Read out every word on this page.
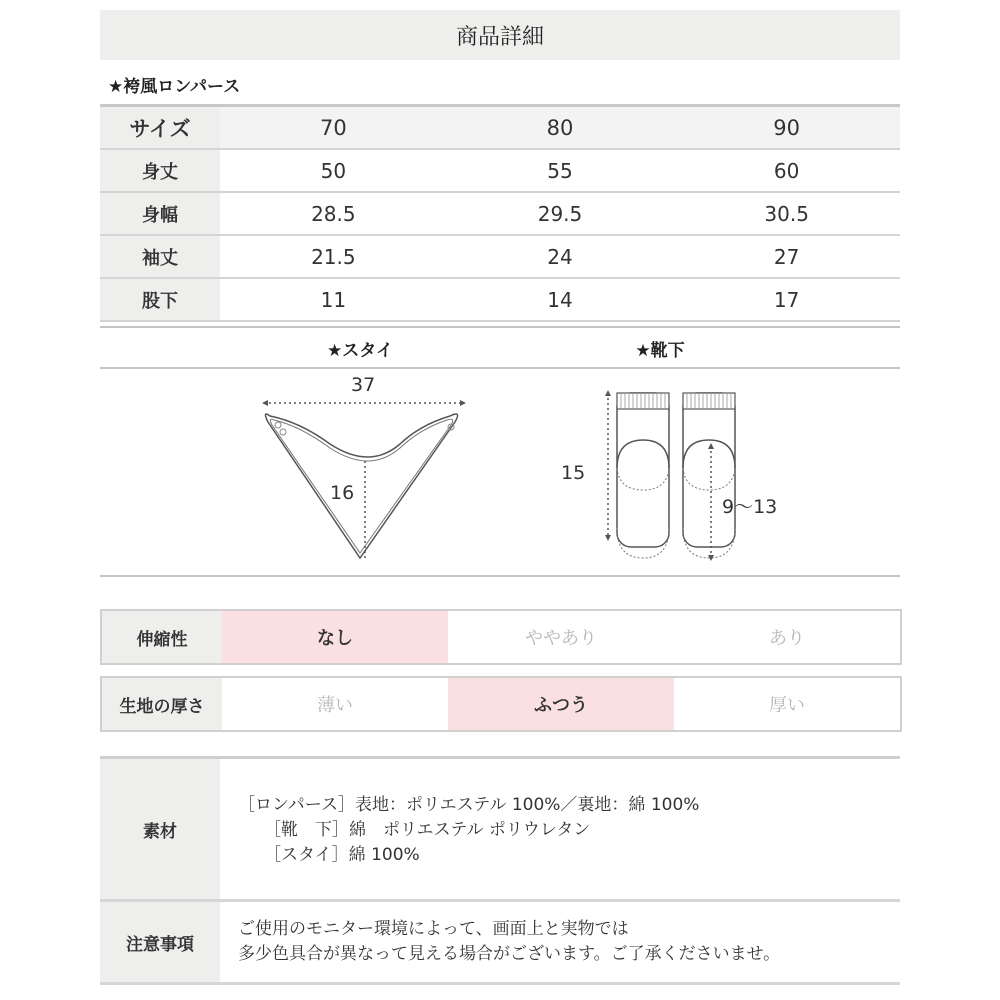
商品詳細
★袴風ロンパース
サイズ	70	80	90
身丈	50	55	60
身幅	28.5	29.5	30.5
袖丈	21.5	24	27
股下	11	14	17
★スタイ	★靴下
37
16
15
9〜13
伸縮性	なし	ややあり	あり
生地の厚さ	薄い	ふつう	厚い
素材
［ロンパース］表地：ポリエステル 100%／裏地：綿 100%
［靴　下］綿　ポリエステル ポリウレタン
［スタイ］綿 100%
注意事項
ご使用のモニター環境によって、画面上と実物では
多少色具合が異なって見える場合がございます。ご了承くださいませ。
